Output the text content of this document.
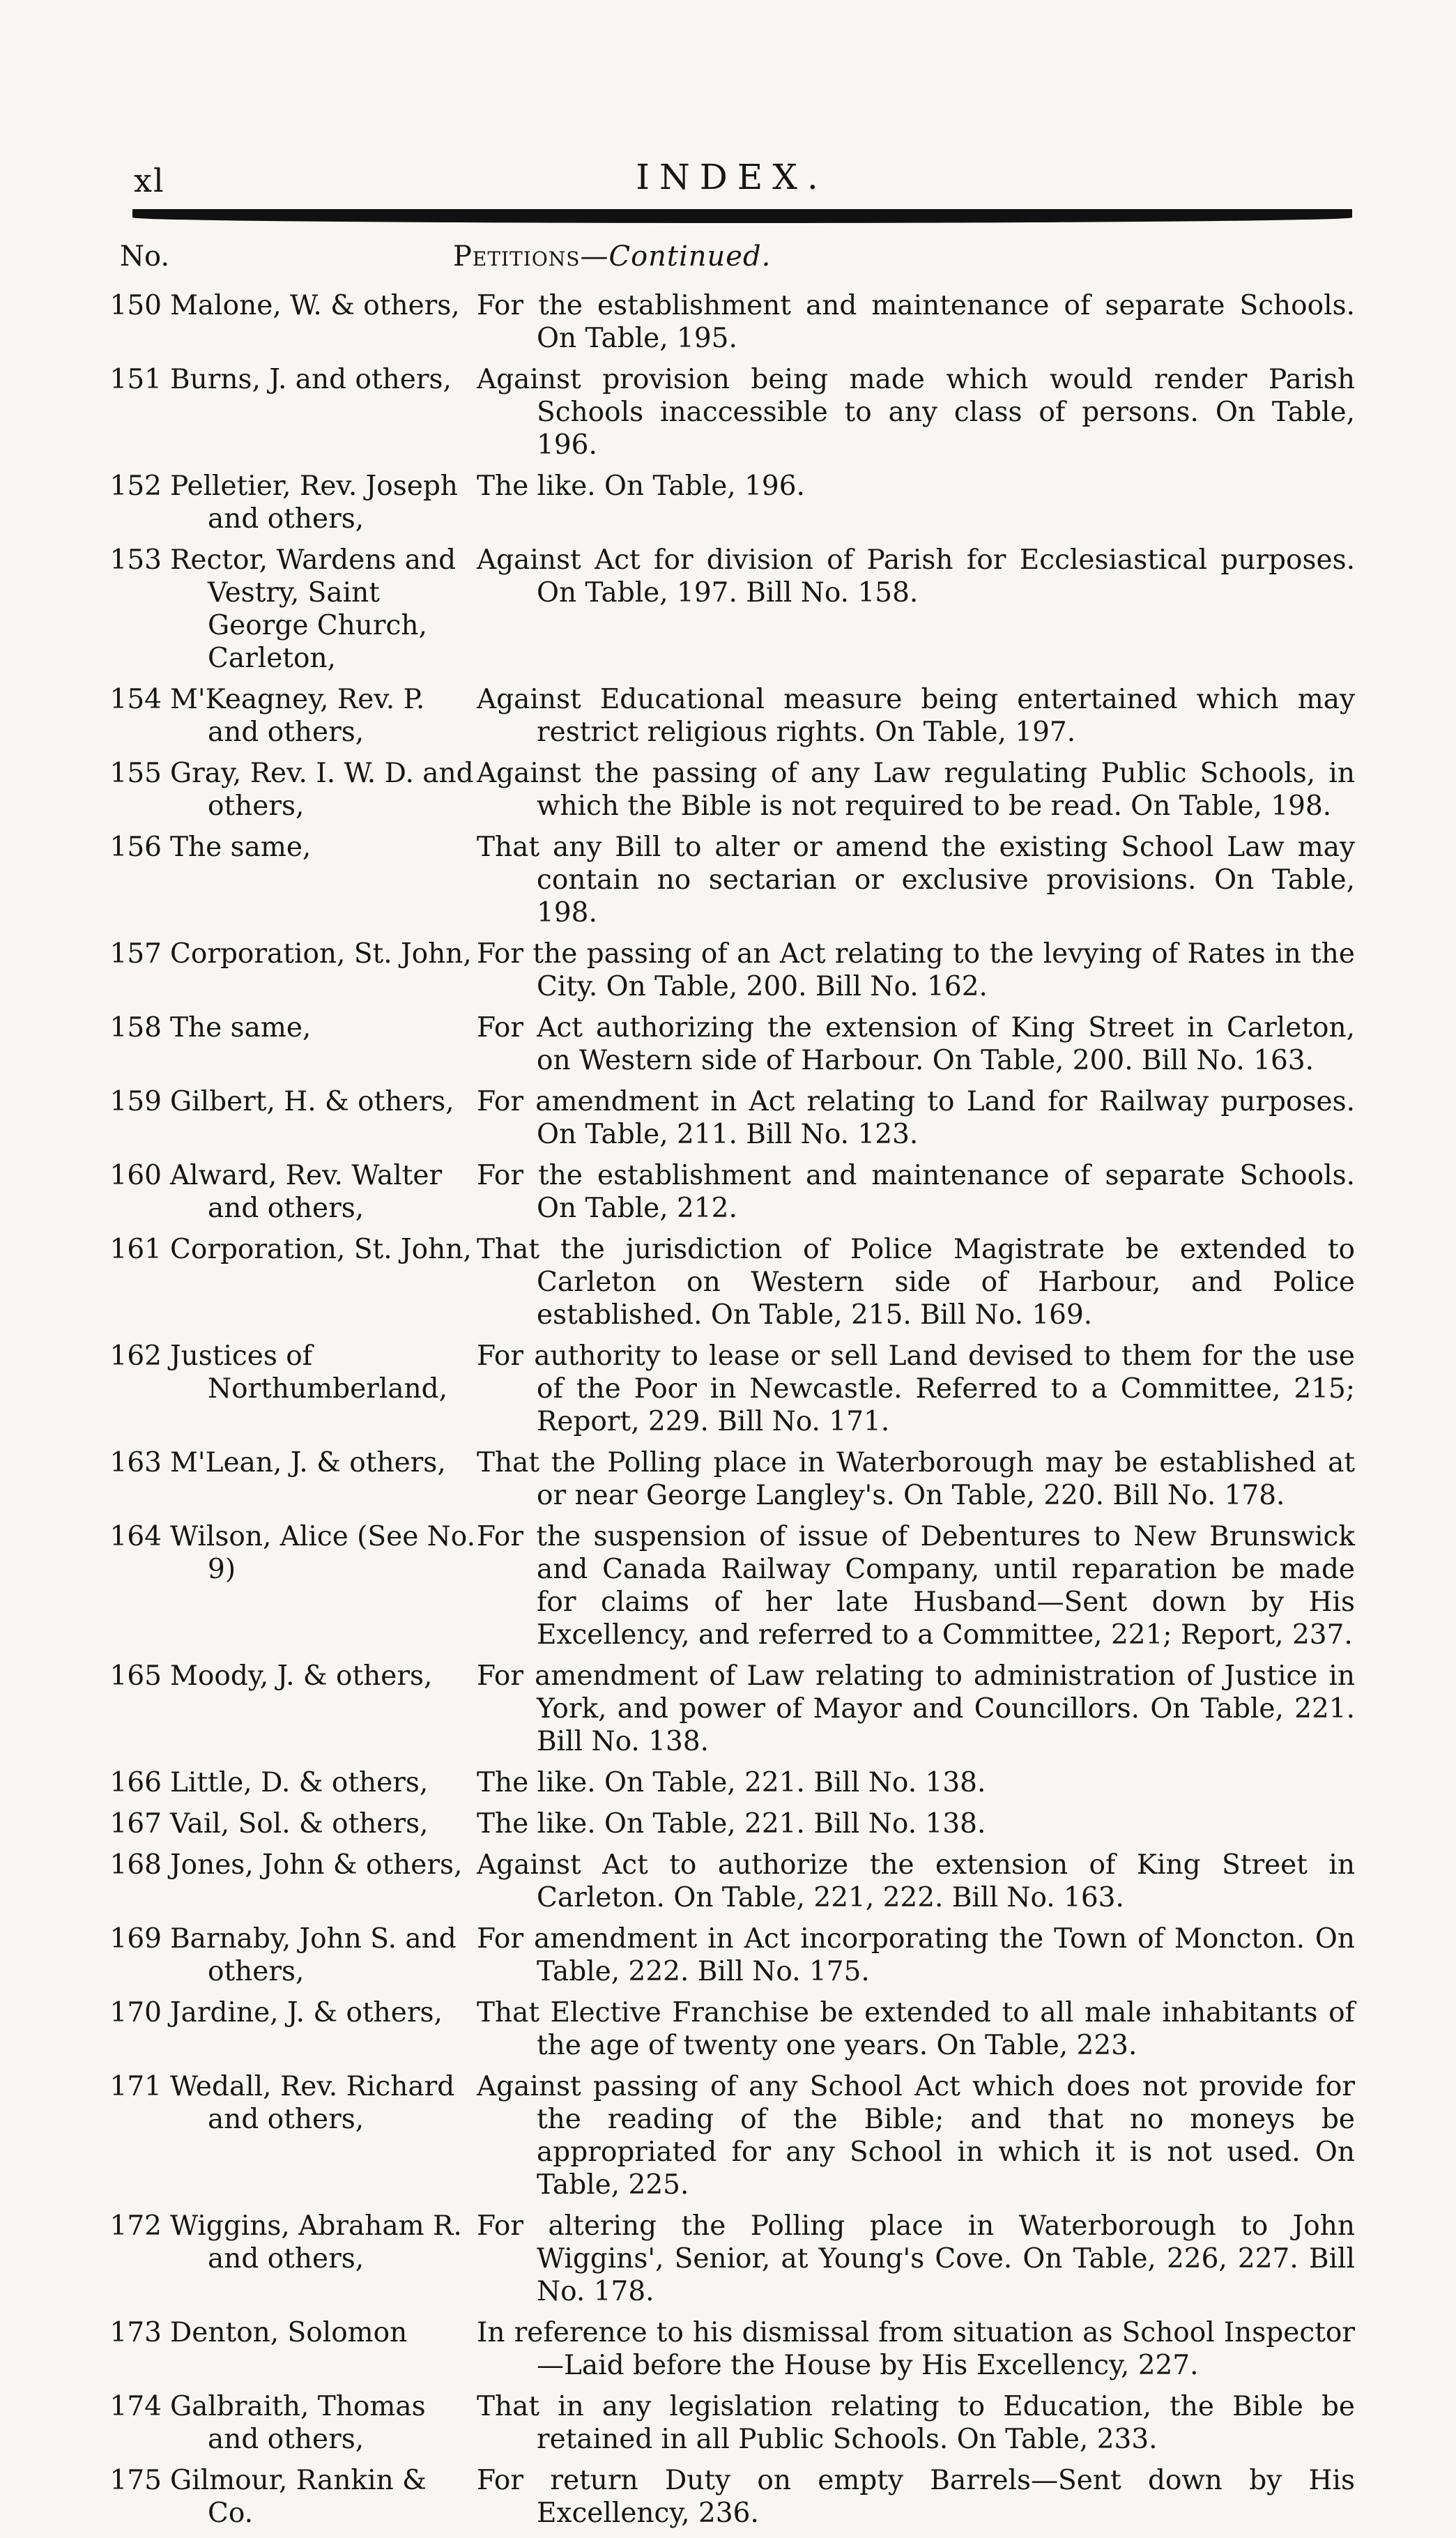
xl	INDEX.
No.	Petitions—Continued.
150 Malone, W. & others, For the establishment and maintenance of separate Schools. On Table, 195.
151 Burns, J. and others, Against provision being made which would render Parish Schools inaccessible to any class of persons. On Table, 196.
152 Pelletier, Rev. Joseph and others,
The like. On Table, 196.
153 Rector, Wardens and Vestry, Saint George Church, Carleton,
Against Act for division of Parish for Ecclesiastical purposes. On Table, 197. Bill No. 158.
154 M'Keagney, Rev. P. and others,
Against Educational measure being entertained which may restrict religious rights. On Table, 197.
155 Gray, Rev. I. W. D. and others,
Against the passing of any Law regulating Public Schools, in which the Bible is not required to be read. On Table, 198.
156 The same,	That any Bill to alter or amend the existing School Law may contain no sectarian or exclusive provisions. On Table, 198.
157 Corporation, St. John, For the passing of an Act relating to the levying of Rates in the City. On Table, 200. Bill No. 162.
158 The same,	For Act authorizing the extension of King Street in Carleton, on Western side of Harbour. On Table, 200. Bill No. 163.
159 Gilbert, H. & others, For amendment in Act relating to Land for Railway purposes. On Table, 211. Bill No. 123.
160 Alward, Rev. Walter and others,
For the establishment and maintenance of separate Schools. On Table, 212.
161 Corporation, St. John, That the jurisdiction of Police Magistrate be extended to Carleton on Western side of Harbour, and Police established. On Table, 215. Bill No. 169.
162 Justices of Northumberland,
For authority to lease or sell Land devised to them for the use of the Poor in Newcastle. Referred to a Committee, 215; Report, 229. Bill No. 171.
163 M'Lean, J. & others,	That the Polling place in Waterborough may be established at or near George Langley's. On Table, 220. Bill No. 178.
164 Wilson, Alice (See No. 9)
For the suspension of issue of Debentures to New Brunswick and Canada Railway Company, until reparation be made for claims of her late Husband—Sent down by His Excellency, and referred to a Committee, 221; Report, 237.
165 Moody, J. & others,	For amendment of Law relating to administration of Justice in York, and power of Mayor and Councillors. On Table, 221. Bill No. 138.
166 Little, D. & others,	The like. On Table, 221. Bill No. 138.
167 Vail, Sol. & others,	The like. On Table, 221. Bill No. 138.
168 Jones, John & others, Against Act to authorize the extension of King Street in Carleton. On Table, 221, 222. Bill No. 163.
169 Barnaby, John S. and others,
For amendment in Act incorporating the Town of Moncton. On Table, 222. Bill No. 175.
170 Jardine, J. & others,	That Elective Franchise be extended to all male inhabitants of the age of twenty one years. On Table, 223.
171 Wedall, Rev. Richard and others,
Against passing of any School Act which does not provide for the reading of the Bible; and that no moneys be appropriated for any School in which it is not used. On Table, 225.
172 Wiggins, Abraham R. and others,
For altering the Polling place in Waterborough to John Wiggins', Senior, at Young's Cove. On Table, 226, 227. Bill No. 178.
173 Denton, Solomon	In reference to his dismissal from situation as School Inspector—Laid before the House by His Excellency, 227.
174 Galbraith, Thomas and others,
That in any legislation relating to Education, the Bible be retained in all Public Schools. On Table, 233.
175 Gilmour, Rankin & Co.
For return Duty on empty Barrels—Sent down by His Excellency, 236.
